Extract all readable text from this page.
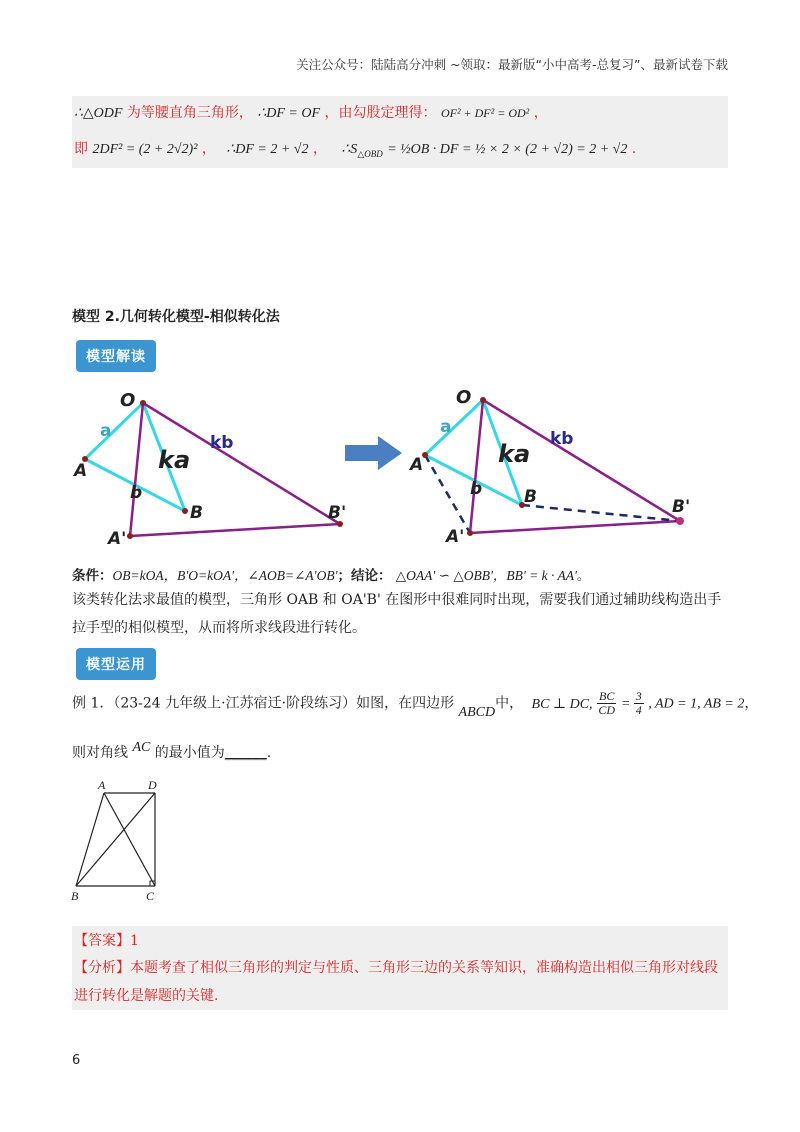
关注公众号：陆陆高分冲刺 ~领取：最新版“小中高考-总复习”、最新试卷下载
∴△ODF 为等腰直角三角形， ∴DF = OF ，由勾股定理得： OF² + DF² = OD² ，
即 2DF² = (2 + 2√2)² ， ∴DF = 2 + √2 ， $\therefore S_{\triangle OBD}$ = ½OB · DF = ½ × 2 × (2 + √2) = 2 + √2 .
模型 2.几何转化模型-相似转化法
模型解读
O
a
ka
kb
A
b
B
A'
B'
O
a
ka
kb
A
b B
A'
B'
条件：OB=kOA，B'O=kOA'，∠AOB=∠A'OB'；结论： △OAA' ∽ △OBB'，BB' = k · AA'。
该类转化法求最值的模型，三角形 OAB 和 OA'B' 在图形中很难同时出现，需要我们通过辅助线构造出手拉手型的相似模型，从而将所求线段进行转化。
模型运用
例 1．（23-24 九年级上·江苏宿迁·阶段练习）如图，在四边形 ABCD中， BC ⊥ DC, $\frac{BC}{CD} = \frac{3}{4}$ , AD = 1, AB = 2，
则对角线 AC 的最小值为______.
A	D
B	C
【答案】1
【分析】本题考查了相似三角形的判定与性质、三角形三边的关系等知识，准确构造出相似三角形对线段进行转化是解题的关键.
6
